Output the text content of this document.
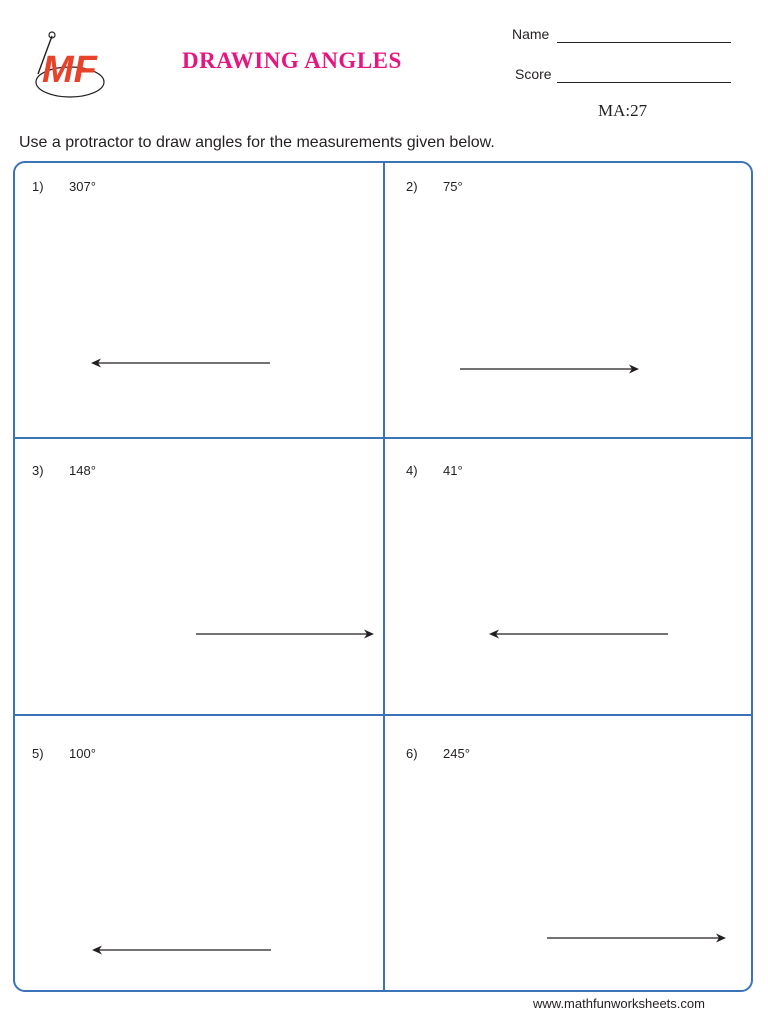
MF	DRAWING ANGLES
Name
Score
MA:27
Use a protractor to draw angles for the measurements given below.
1) 307°	2) 75°
3) 148°	4) 41°
5) 100°	6) 245°
www.mathfunworksheets.com
